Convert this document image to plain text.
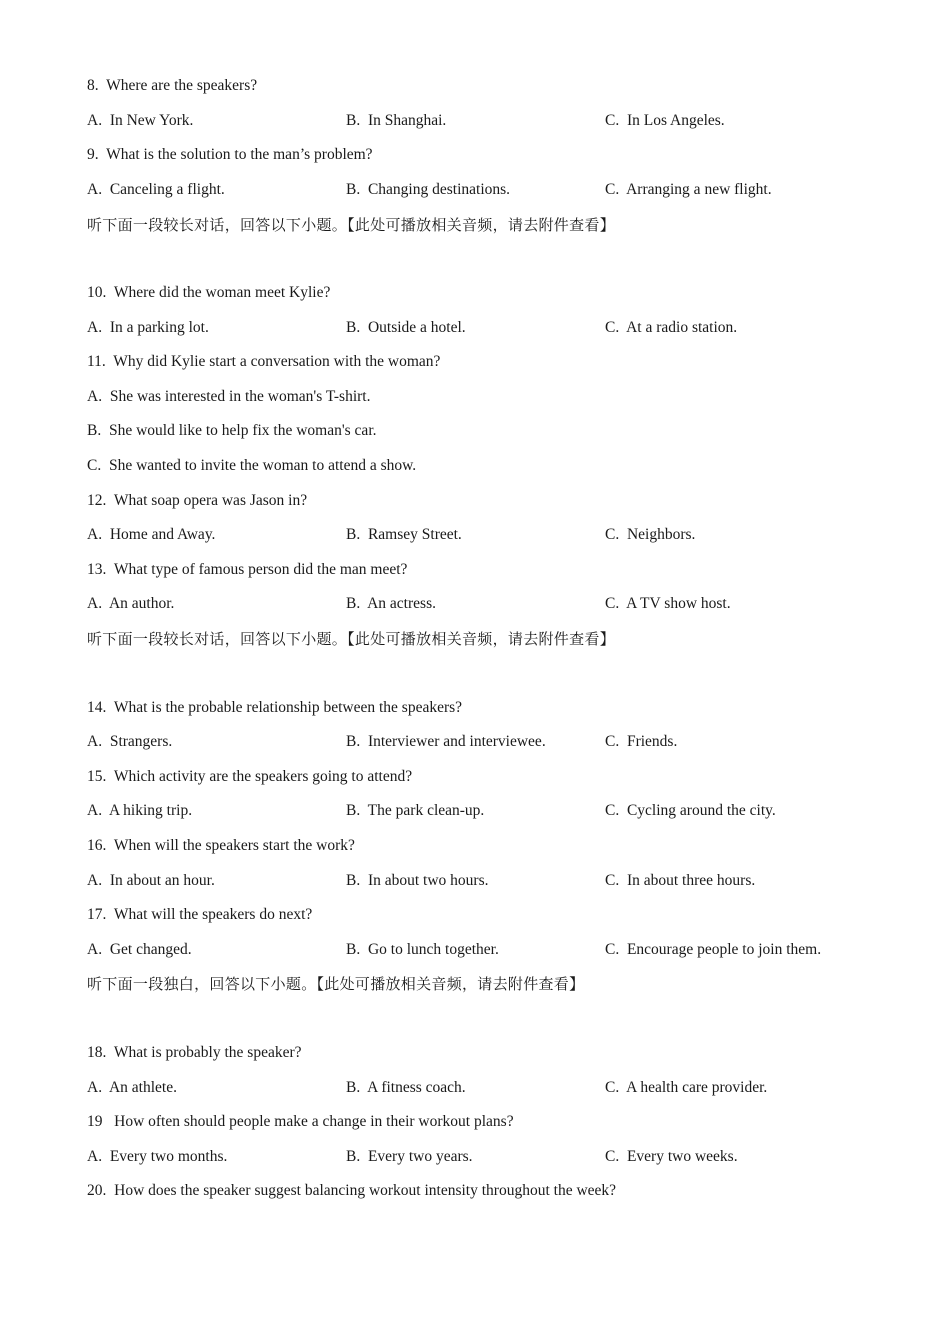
8.  Where are the speakers?
A.  In New York.	B.  In Shanghai.	C.  In Los Angeles.
9.  What is the solution to the man’s problem?
A.  Canceling a flight.	B.  Changing destinations.	C.  Arranging a new flight.
听下面一段较长对话，回答以下小题。【此处可播放相关音频，请去附件查看】
10.  Where did the woman meet Kylie?
A.  In a parking lot.	B.  Outside a hotel.	C.  At a radio station.
11.  Why did Kylie start a conversation with the woman?
A.  She was interested in the woman's T-shirt.
B.  She would like to help fix the woman's car.
C.  She wanted to invite the woman to attend a show.
12.  What soap opera was Jason in?
A.  Home and Away.	B.  Ramsey Street.	C.  Neighbors.
13.  What type of famous person did the man meet?
A.  An author.	B.  An actress.	C.  A TV show host.
听下面一段较长对话，回答以下小题。【此处可播放相关音频，请去附件查看】
14.  What is the probable relationship between the speakers?
A.  Strangers.	B.  Interviewer and interviewee.	C.  Friends.
15.  Which activity are the speakers going to attend?
A.  A hiking trip.	B.  The park clean-up.	C.  Cycling around the city.
16.  When will the speakers start the work?
A.  In about an hour.	B.  In about two hours.	C.  In about three hours.
17.  What will the speakers do next?
A.  Get changed.	B.  Go to lunch together.	C.  Encourage people to join them.
听下面一段独白，回答以下小题。【此处可播放相关音频，请去附件查看】
18.  What is probably the speaker?
A.  An athlete.	B.  A fitness coach.	C.  A health care provider.
19   How often should people make a change in their workout plans?
A.  Every two months.	B.  Every two years.	C.  Every two weeks.
20.  How does the speaker suggest balancing workout intensity throughout the week?
